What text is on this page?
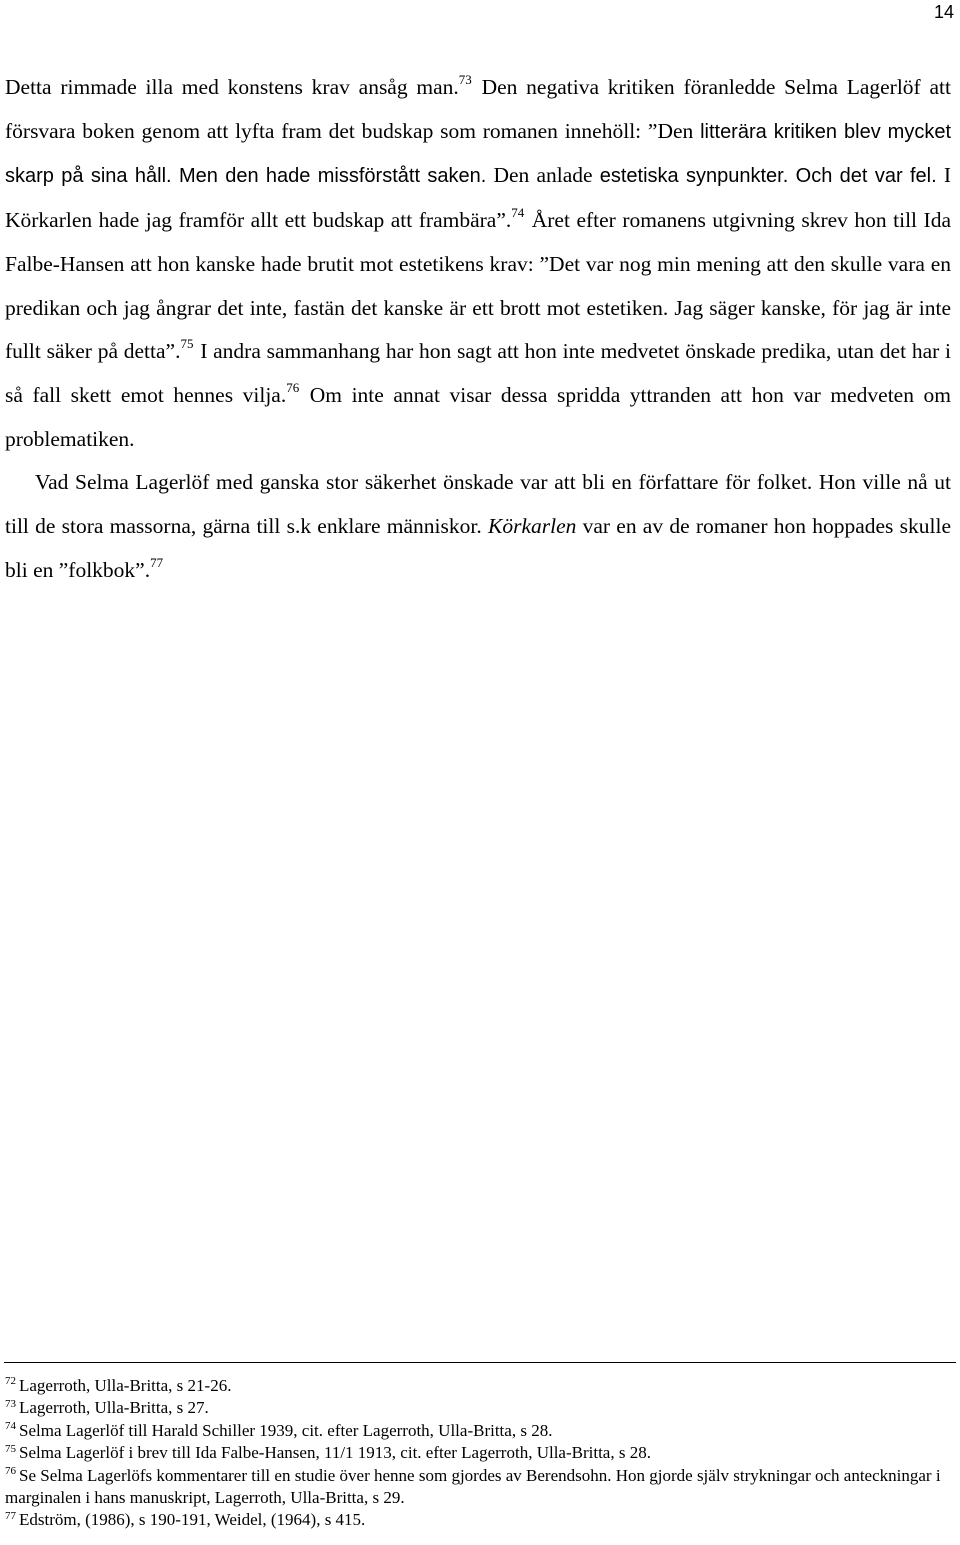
14

Detta rimmade illa med konstens krav ansåg man.$^{73}$ Den negativa kritiken föranledde Selma Lagerlöf att försvara boken genom att lyfta fram det budskap som romanen innehöll: ”Den litterära kritiken blev mycket skarp på sina håll. Men den hade missförstått saken. Den anlade estetiska synpunkter. Och det var fel. I Körkarlen hade jag framför allt ett budskap att frambära”.$^{74}$ Året efter romanens utgivning skrev hon till Ida Falbe-Hansen att hon kanske hade brutit mot estetikens krav: ”Det var nog min mening att den skulle vara en predikan och jag ångrar det inte, fastän det kanske är ett brott mot estetiken. Jag säger kanske, för jag är inte fullt säker på detta”.$^{75}$ I andra sammanhang har hon sagt att hon inte medvetet önskade predika, utan det har i så fall skett emot hennes vilja.$^{76}$ Om inte annat visar dessa spridda yttranden att hon var medveten om problematiken.

Vad Selma Lagerlöf med ganska stor säkerhet önskade var att bli en författare för folket. Hon ville nå ut till de stora massorna, gärna till s.k enklare människor. Körkarlen var en av de romaner hon hoppades skulle bli en ”folkbok”.$^{77}$

$^{72}$ Lagerroth, Ulla-Britta, s 21-26.

$^{73}$ Lagerroth, Ulla-Britta, s 27.

$^{74}$ Selma Lagerlöf till Harald Schiller 1939, cit. efter Lagerroth, Ulla-Britta, s 28.

$^{75}$ Selma Lagerlöf i brev till Ida Falbe-Hansen, 11/1 1913, cit. efter Lagerroth, Ulla-Britta, s 28.

$^{76}$ Se Selma Lagerlöfs kommentarer till en studie över henne som gjordes av Berendsohn. Hon gjorde själv strykningar och anteckningar i marginalen i hans manuskript, Lagerroth, Ulla-Britta, s 29.

$^{77}$ Edström, (1986), s 190-191, Weidel, (1964), s 415.
